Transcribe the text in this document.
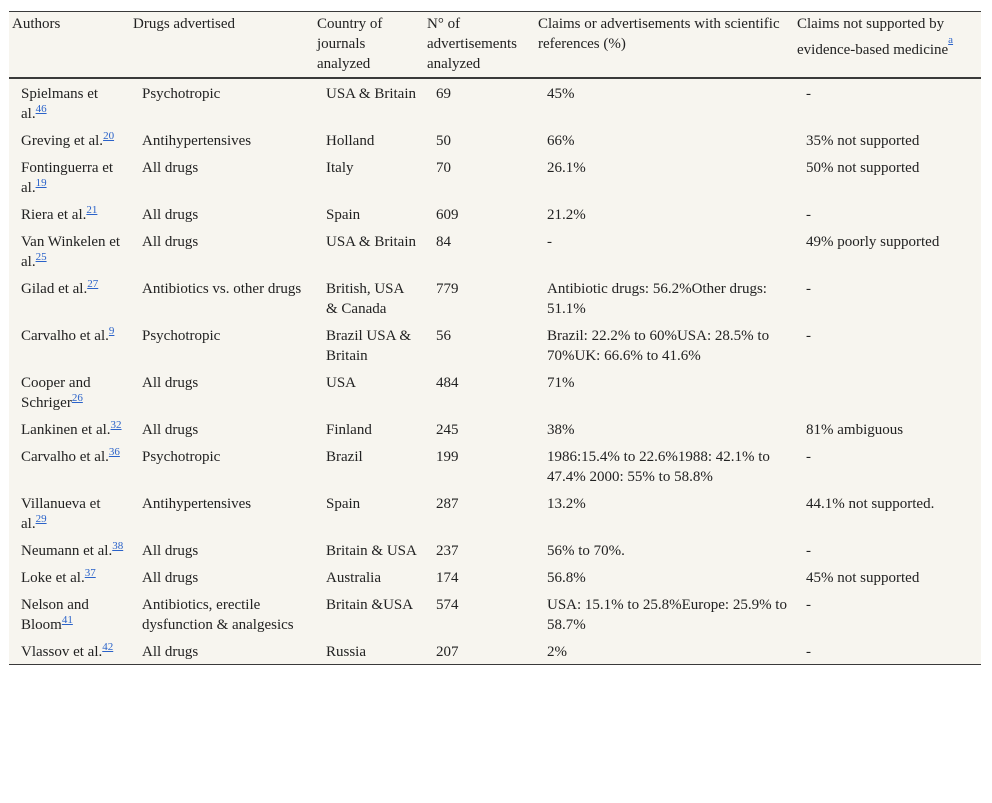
Authors	Drugs advertised	Country of journals analyzed	N° of advertisements analyzed	Claims or advertisements with scientific references (%)	Claims not supported by evidence-based medicine$^a$
Spielmans et al.$^{46}$	Psychotropic	USA & Britain	69	45%	-
Greving et al.$^{20}$	Antihypertensives	Holland	50	66%	35% not supported
Fontinguerra et al.$^{19}$	All drugs	Italy	70	26.1%	50% not supported
Riera et al.$^{21}$	All drugs	Spain	609	21.2%	-
Van Winkelen et al.$^{25}$	All drugs	USA & Britain	84	-	49% poorly supported
Gilad et al.$^{27}$	Antibiotics vs. other drugs	British, USA & Canada	779	Antibiotic drugs: 56.2%Other drugs: 51.1%	-
Carvalho et al.$^9$	Psychotropic	Brazil USA & Britain	56	Brazil: 22.2% to 60%USA: 28.5% to 70%UK: 66.6% to 41.6%	-
Cooper and Schriger$^{26}$	All drugs	USA	484	71%	
Lankinen et al.$^{32}$	All drugs	Finland	245	38%	81% ambiguous
Carvalho et al.$^{36}$	Psychotropic	Brazil	199	1986:15.4% to 22.6%1988: 42.1% to 47.4% 2000: 55% to 58.8%	-
Villanueva et al.$^{29}$	Antihypertensives	Spain	287	13.2%	44.1% not supported.
Neumann et al.$^{38}$	All drugs	Britain & USA	237	56% to 70%.	-
Loke et al.$^{37}$	All drugs	Australia	174	56.8%	45% not supported
Nelson and Bloom$^{41}$	Antibiotics, erectile dysfunction & analgesics	Britain &USA	574	USA: 15.1% to 25.8%Europe: 25.9% to 58.7%	-
Vlassov et al.$^{42}$	All drugs	Russia	207	2%	-
